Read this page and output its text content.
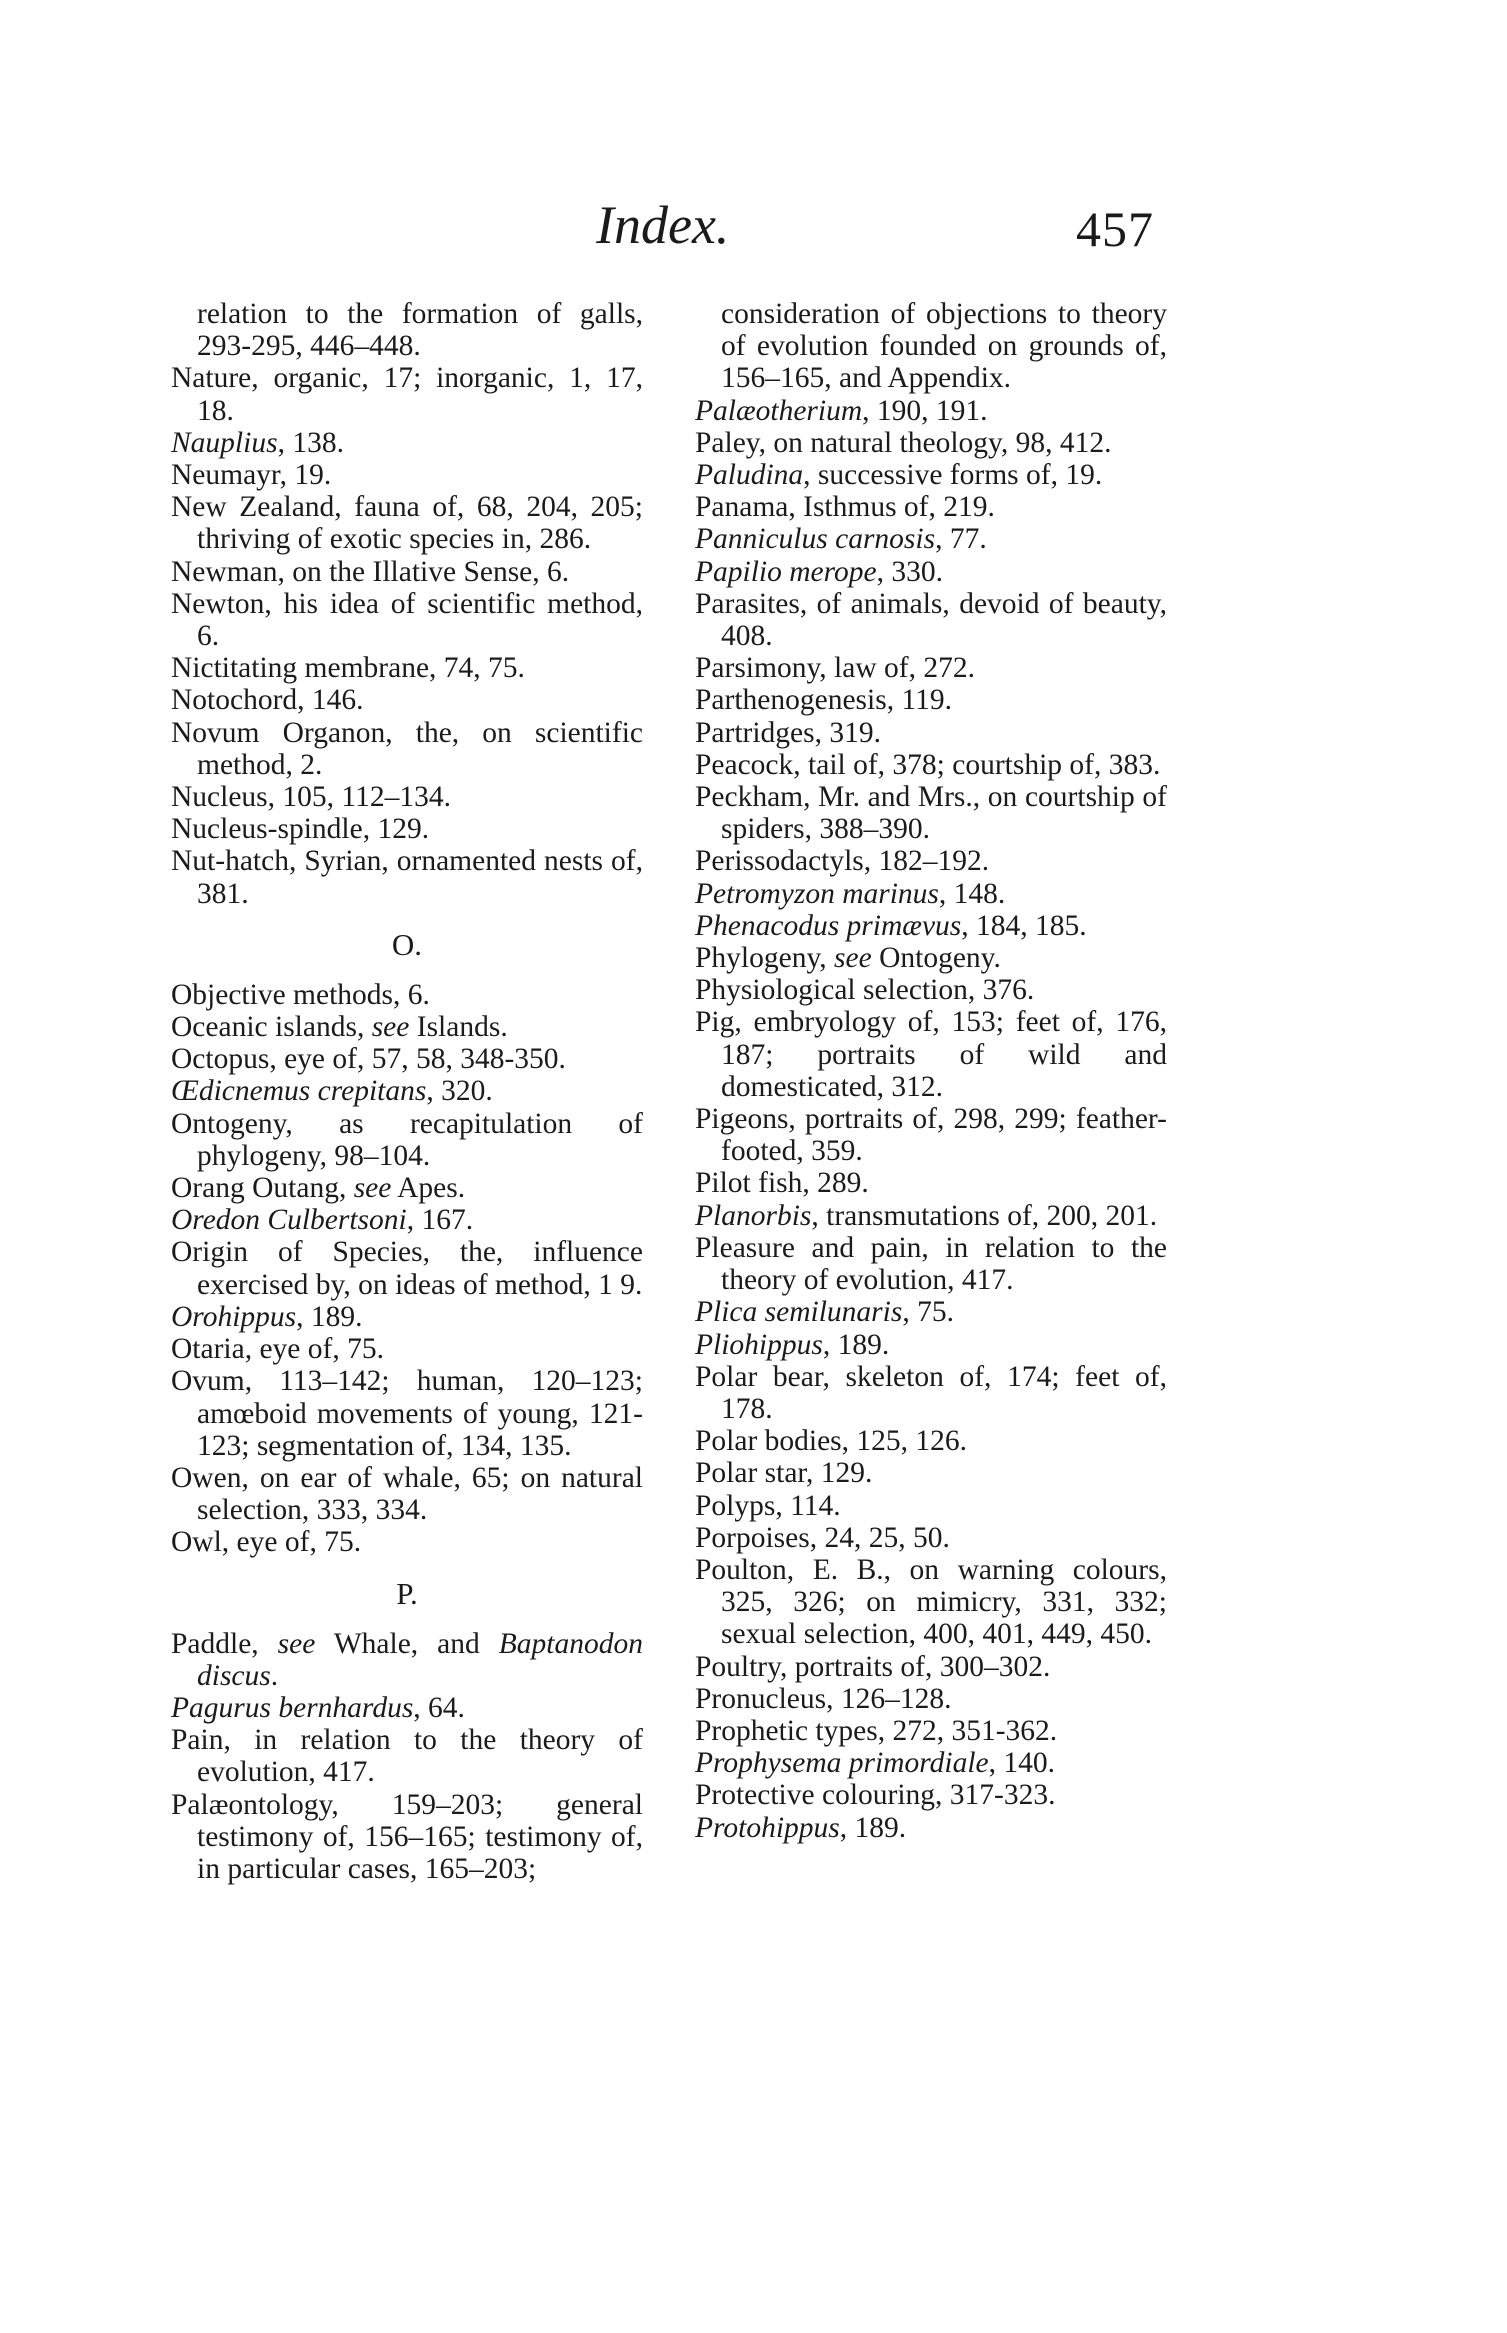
Index.	457

relation to the formation of galls, 293-295, 446–448.

Nature, organic, 17; inorganic, 1, 17, 18.

Nauplius, 138.

Neumayr, 19.

New Zealand, fauna of, 68, 204, 205; thriving of exotic species in, 286.

Newman, on the Illative Sense, 6.

Newton, his idea of scientific method, 6.

Nictitating membrane, 74, 75.

Notochord, 146.

Novum Organon, the, on scientific method, 2.

Nucleus, 105, 112–134.

Nucleus-spindle, 129.

Nut-hatch, Syrian, ornamented nests of, 381.

O.

Objective methods, 6.

Oceanic islands, see Islands.

Octopus, eye of, 57, 58, 348-350.

Œdicnemus crepitans, 320.

Ontogeny, as recapitulation of phylogeny, 98–104.

Orang Outang, see Apes.

Oredon Culbertsoni, 167.

Origin of Species, the, influence exercised by, on ideas of method, 1 9.

Orohippus, 189.

Otaria, eye of, 75.

Ovum, 113–142; human, 120–123; amœboid movements of young, 121-123; segmentation of, 134, 135.

Owen, on ear of whale, 65; on natural selection, 333, 334.

Owl, eye of, 75.

P.

Paddle, see Whale, and Baptanodon discus.

Pagurus bernhardus, 64.

Pain, in relation to the theory of evolution, 417.

Palæontology, 159–203; general testimony of, 156–165; testimony of, in particular cases, 165–203;

consideration of objections to theory of evolution founded on grounds of, 156–165, and Appendix.

Palæotherium, 190, 191.

Paley, on natural theology, 98, 412.

Paludina, successive forms of, 19.

Panama, Isthmus of, 219.

Panniculus carnosis, 77.

Papilio merope, 330.

Parasites, of animals, devoid of beauty, 408.

Parsimony, law of, 272.

Parthenogenesis, 119.

Partridges, 319.

Peacock, tail of, 378; courtship of, 383.

Peckham, Mr. and Mrs., on courtship of spiders, 388–390.

Perissodactyls, 182–192.

Petromyzon marinus, 148.

Phenacodus primævus, 184, 185.

Phylogeny, see Ontogeny.

Physiological selection, 376.

Pig, embryology of, 153; feet of, 176, 187; portraits of wild and domesticated, 312.

Pigeons, portraits of, 298, 299; feather-footed, 359.

Pilot fish, 289.

Planorbis, transmutations of, 200, 201.

Pleasure and pain, in relation to the theory of evolution, 417.

Plica semilunaris, 75.

Pliohippus, 189.

Polar bear, skeleton of, 174; feet of, 178.

Polar bodies, 125, 126.

Polar star, 129.

Polyps, 114.

Porpoises, 24, 25, 50.

Poulton, E. B., on warning colours, 325, 326; on mimicry, 331, 332; sexual selection, 400, 401, 449, 450.

Poultry, portraits of, 300–302.

Pronucleus, 126–128.

Prophetic types, 272, 351-362.

Prophysema primordiale, 140.

Protective colouring, 317-323.

Protohippus, 189.
